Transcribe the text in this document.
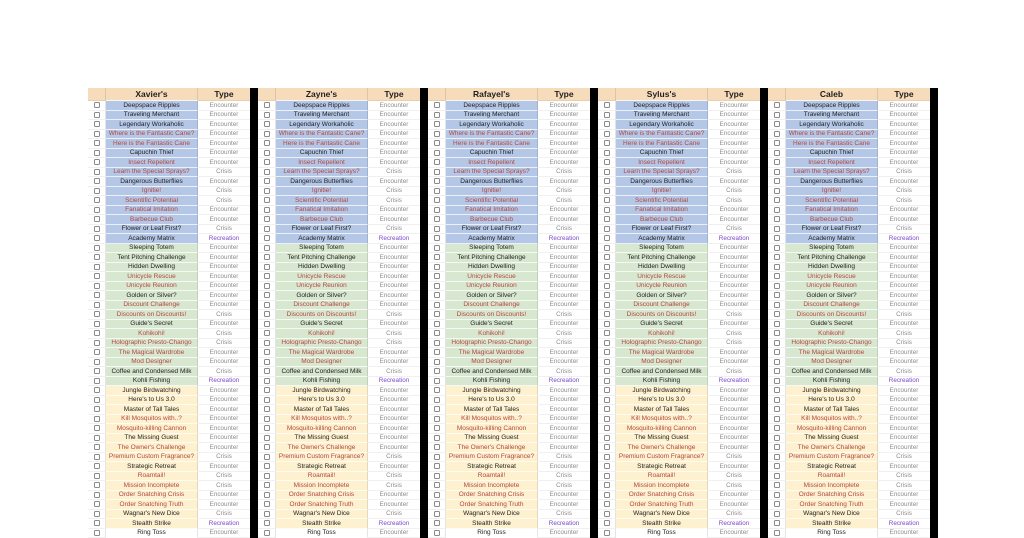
Xavier's	Type
Deepspace Ripples	Encounter
Traveling Merchant	Encounter
Legendary Workaholic	Encounter
Where is the Fantastic Cane?	Encounter
Here is the Fantastic Cane	Encounter
Capuchin Thief	Encounter
Insect Repellent	Encounter
Learn the Special Sprays?	Crisis
Dangerous Butterflies	Encounter
Ignitie!	Crisis
Scientific Potential	Crisis
Fanatical Imitation	Encounter
Barbecue Club	Encounter
Flower or Leaf First?	Crisis
Academy Matrix	Recreation
Sleeping Totem	Encounter
Tent Pitching Challenge	Encounter
Hidden Dwelling	Encounter
Unicycle Rescue	Encounter
Unicycle Reunion	Encounter
Golden or Silver?	Encounter
Discount Challenge	Encounter
Discounts on Discounts!	Crisis
Guide's Secret	Encounter
Kohikohi!	Crisis
Holographic Presto-Chango	Crisis
The Magical Wardrobe	Encounter
Mod Designer	Encounter
Coffee and Condensed Milk	Crisis
Kohli Fishing	Recreation
Jungle Birdwatching	Encounter
Here's to Us 3.0	Encounter
Master of Tall Tales	Encounter
Kill Mosquitos with..?	Encounter
Mosquito-killing Cannon	Encounter
The Missing Guest	Encounter
The Owner's Challenge	Encounter
Premium Custom Fragrance?	Crisis
Strategic Retreat	Encounter
Roamtail!	Crisis
Mission Incomplete	Crisis
Order Snatching Crisis	Encounter
Order Snatching Truth	Encounter
Wagnar's New Dice	Crisis
Stealth Strike	Recreation
Ring Toss	Encounter
Zayne's	Type
Deepspace Ripples	Encounter
Traveling Merchant	Encounter
Legendary Workaholic	Encounter
Where is the Fantastic Cane?	Encounter
Here is the Fantastic Cane	Encounter
Capuchin Thief	Encounter
Insect Repellent	Encounter
Learn the Special Sprays?	Crisis
Dangerous Butterflies	Encounter
Ignitie!	Crisis
Scientific Potential	Crisis
Fanatical Imitation	Encounter
Barbecue Club	Encounter
Flower or Leaf First?	Crisis
Academy Matrix	Recreation
Sleeping Totem	Encounter
Tent Pitching Challenge	Encounter
Hidden Dwelling	Encounter
Unicycle Rescue	Encounter
Unicycle Reunion	Encounter
Golden or Silver?	Encounter
Discount Challenge	Encounter
Discounts on Discounts!	Crisis
Guide's Secret	Encounter
Kohikohi!	Crisis
Holographic Presto-Chango	Crisis
The Magical Wardrobe	Encounter
Mod Designer	Encounter
Coffee and Condensed Milk	Crisis
Kohli Fishing	Recreation
Jungle Birdwatching	Encounter
Here's to Us 3.0	Encounter
Master of Tall Tales	Encounter
Kill Mosquitos with..?	Encounter
Mosquito-killing Cannon	Encounter
The Missing Guest	Encounter
The Owner's Challenge	Encounter
Premium Custom Fragrance?	Crisis
Strategic Retreat	Encounter
Roamtail!	Crisis
Mission Incomplete	Crisis
Order Snatching Crisis	Encounter
Order Snatching Truth	Encounter
Wagnar's New Dice	Crisis
Stealth Strike	Recreation
Ring Toss	Encounter
Rafayel's	Type
Deepspace Ripples	Encounter
Traveling Merchant	Encounter
Legendary Workaholic	Encounter
Where is the Fantastic Cane?	Encounter
Here is the Fantastic Cane	Encounter
Capuchin Thief	Encounter
Insect Repellent	Encounter
Learn the Special Sprays?	Crisis
Dangerous Butterflies	Encounter
Ignitie!	Crisis
Scientific Potential	Crisis
Fanatical Imitation	Encounter
Barbecue Club	Encounter
Flower or Leaf First?	Crisis
Academy Matrix	Recreation
Sleeping Totem	Encounter
Tent Pitching Challenge	Encounter
Hidden Dwelling	Encounter
Unicycle Rescue	Encounter
Unicycle Reunion	Encounter
Golden or Silver?	Encounter
Discount Challenge	Encounter
Discounts on Discounts!	Crisis
Guide's Secret	Encounter
Kohikohi!	Crisis
Holographic Presto-Chango	Crisis
The Magical Wardrobe	Encounter
Mod Designer	Encounter
Coffee and Condensed Milk	Crisis
Kohli Fishing	Recreation
Jungle Birdwatching	Encounter
Here's to Us 3.0	Encounter
Master of Tall Tales	Encounter
Kill Mosquitos with..?	Encounter
Mosquito-killing Cannon	Encounter
The Missing Guest	Encounter
The Owner's Challenge	Encounter
Premium Custom Fragrance?	Crisis
Strategic Retreat	Encounter
Roamtail!	Crisis
Mission Incomplete	Crisis
Order Snatching Crisis	Encounter
Order Snatching Truth	Encounter
Wagnar's New Dice	Crisis
Stealth Strike	Recreation
Ring Toss	Encounter
Sylus's	Type
Deepspace Ripples	Encounter
Traveling Merchant	Encounter
Legendary Workaholic	Encounter
Where is the Fantastic Cane?	Encounter
Here is the Fantastic Cane	Encounter
Capuchin Thief	Encounter
Insect Repellent	Encounter
Learn the Special Sprays?	Crisis
Dangerous Butterflies	Encounter
Ignitie!	Crisis
Scientific Potential	Crisis
Fanatical Imitation	Encounter
Barbecue Club	Encounter
Flower or Leaf First?	Crisis
Academy Matrix	Recreation
Sleeping Totem	Encounter
Tent Pitching Challenge	Encounter
Hidden Dwelling	Encounter
Unicycle Rescue	Encounter
Unicycle Reunion	Encounter
Golden or Silver?	Encounter
Discount Challenge	Encounter
Discounts on Discounts!	Crisis
Guide's Secret	Encounter
Kohikohi!	Crisis
Holographic Presto-Chango	Crisis
The Magical Wardrobe	Encounter
Mod Designer	Encounter
Coffee and Condensed Milk	Crisis
Kohli Fishing	Recreation
Jungle Birdwatching	Encounter
Here's to Us 3.0	Encounter
Master of Tall Tales	Encounter
Kill Mosquitos with..?	Encounter
Mosquito-killing Cannon	Encounter
The Missing Guest	Encounter
The Owner's Challenge	Encounter
Premium Custom Fragrance?	Crisis
Strategic Retreat	Encounter
Roamtail!	Crisis
Mission Incomplete	Crisis
Order Snatching Crisis	Encounter
Order Snatching Truth	Encounter
Wagnar's New Dice	Crisis
Stealth Strike	Recreation
Ring Toss	Encounter
Caleb	Type
Deepspace Ripples	Encounter
Traveling Merchant	Encounter
Legendary Workaholic	Encounter
Where is the Fantastic Cane?	Encounter
Here is the Fantastic Cane	Encounter
Capuchin Thief	Encounter
Insect Repellent	Encounter
Learn the Special Sprays?	Crisis
Dangerous Butterflies	Encounter
Ignitie!	Crisis
Scientific Potential	Crisis
Fanatical Imitation	Encounter
Barbecue Club	Encounter
Flower or Leaf First?	Crisis
Academy Matrix	Recreation
Sleeping Totem	Encounter
Tent Pitching Challenge	Encounter
Hidden Dwelling	Encounter
Unicycle Rescue	Encounter
Unicycle Reunion	Encounter
Golden or Silver?	Encounter
Discount Challenge	Encounter
Discounts on Discounts!	Crisis
Guide's Secret	Encounter
Kohikohi!	Crisis
Holographic Presto-Chango	Crisis
The Magical Wardrobe	Encounter
Mod Designer	Encounter
Coffee and Condensed Milk	Crisis
Kohli Fishing	Recreation
Jungle Birdwatching	Encounter
Here's to Us 3.0	Encounter
Master of Tall Tales	Encounter
Kill Mosquitos with..?	Encounter
Mosquito-killing Cannon	Encounter
The Missing Guest	Encounter
The Owner's Challenge	Encounter
Premium Custom Fragrance?	Crisis
Strategic Retreat	Encounter
Roamtail!	Crisis
Mission Incomplete	Crisis
Order Snatching Crisis	Encounter
Order Snatching Truth	Encounter
Wagnar's New Dice	Crisis
Stealth Strike	Recreation
Ring Toss	Encounter
